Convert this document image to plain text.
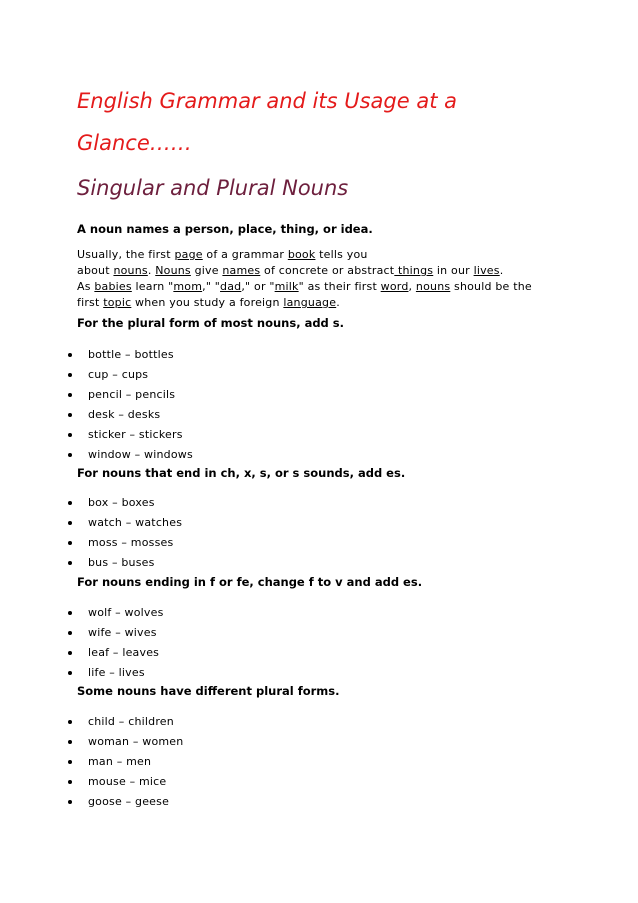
English Grammar and its Usage at a Glance……
Singular and Plural Nouns
A noun names a person, place, thing, or idea.
Usually, the first page of a grammar book tells you
about nouns. Nouns give names of concrete or abstract things in our lives.
As babies learn "mom," "dad," or "milk" as their first word, nouns should be the
first topic when you study a foreign language.
For the plural form of most nouns, add s.
bottle – bottles
cup – cups
pencil – pencils
desk – desks
sticker – stickers
window – windows
For nouns that end in ch, x, s, or s sounds, add es.
box – boxes
watch – watches
moss – mosses
bus – buses
For nouns ending in f or fe, change f to v and add es.
wolf – wolves
wife – wives
leaf – leaves
life – lives
Some nouns have different plural forms.
child – children
woman – women
man – men
mouse – mice
goose – geese
